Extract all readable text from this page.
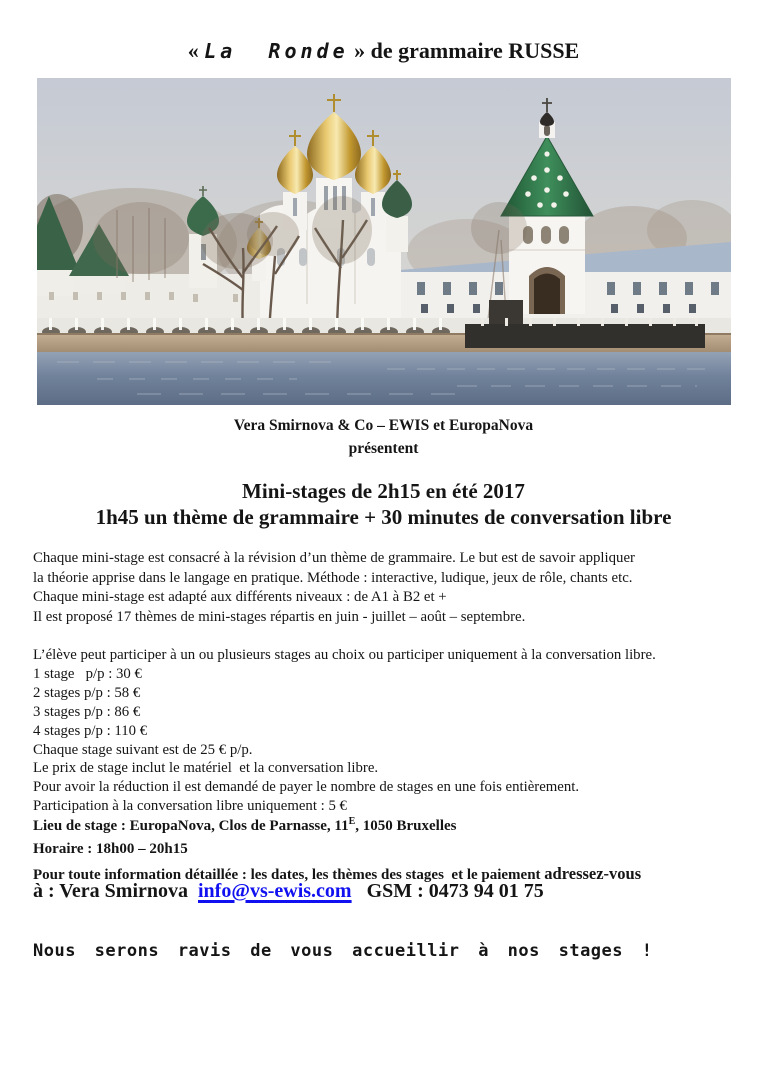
« La  Ronde » de grammaire RUSSE
Vera Smirnova & Co – EWIS et EuropaNova
présentent
Mini-stages de 2h15 en été 2017
1h45 un thème de grammaire + 30 minutes de conversation libre
Chaque mini-stage est consacré à la révision d’un thème de grammaire. Le but est de savoir appliquer
la théorie apprise dans le langage en pratique. Méthode : interactive, ludique, jeux de rôle, chants etc.
Chaque mini-stage est adapté aux différents niveaux : de A1 à B2 et +
Il est proposé 17 thèmes de mini-stages répartis en juin - juillet – août – septembre.
L’élève peut participer à un ou plusieurs stages au choix ou participer uniquement à la conversation libre.
1 stage   p/p : 30 €
2 stages p/p : 58 €
3 stages p/p : 86 €
4 stages p/p : 110 €
Chaque stage suivant est de 25 € p/p.
Le prix de stage inclut le matériel  et la conversation libre.
Pour avoir la réduction il est demandé de payer le nombre de stages en une fois entièrement.
Participation à la conversation libre uniquement : 5 €
Lieu de stage : EuropaNova, Clos de Parnasse, $11^E$, 1050 Bruxelles
Horaire : 18h00 – 20h15
Pour toute information détaillée : les dates, les thèmes des stages  et le paiement adressez-vous
à : Vera Smirnova  info@vs-ewis.com   GSM : 0473 94 01 75
Nous serons ravis de vous accueillir à nos stages !
